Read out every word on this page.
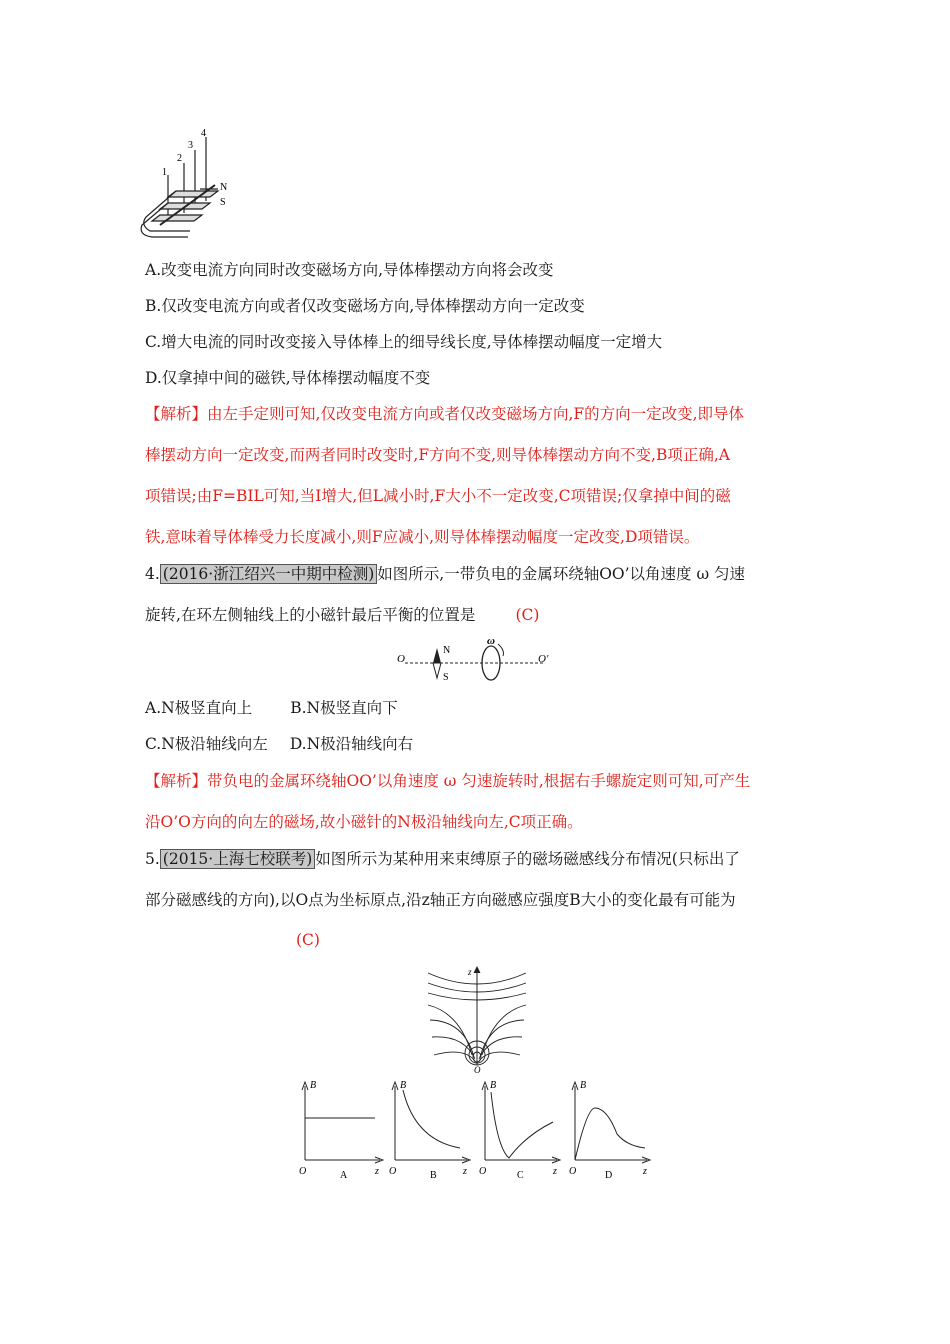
1
2
3
4
N
S
A.改变电流方向同时改变磁场方向,导体棒摆动方向将会改变
B.仅改变电流方向或者仅改变磁场方向,导体棒摆动方向一定改变
C.增大电流的同时改变接入导体棒上的细导线长度,导体棒摆动幅度一定增大
D.仅拿掉中间的磁铁,导体棒摆动幅度不变
【解析】由左手定则可知,仅改变电流方向或者仅改变磁场方向,F的方向一定改变,即导体
棒摆动方向一定改变,而两者同时改变时,F方向不变,则导体棒摆动方向不变,B项正确,A
项错误;由F=BIL可知,当I增大,但L减小时,F大小不一定改变,C项错误;仅拿掉中间的磁
铁,意味着导体棒受力长度减小,则F应减小,则导体棒摆动幅度一定改变,D项错误。
4. (2016·浙江绍兴一中期中检测) 如图所示,一带负电的金属环绕轴OO’以角速度 ω 匀速
旋转,在环左侧轴线上的小磁针最后平衡的位置是	(C)
O	O′
N
S
ω
A.N极竖直向上 B.N极竖直向下
C.N极沿轴线向左 D.N极沿轴线向右
【解析】带负电的金属环绕轴OO’以角速度 ω 匀速旋转时,根据右手螺旋定则可知,可产生
沿O’O方向的向左的磁场,故小磁针的N极沿轴线向左,C项正确。
5. (2015·上海七校联考) 如图所示为某种用来束缚原子的磁场磁感线分布情况(只标出了
部分磁感线的方向),以O点为坐标原点,沿z轴正方向磁感应强度B大小的变化最有可能为
(C)
z
O
B
z
O	A
B
z
O	B
B
z
O	C
B
z
O	D
